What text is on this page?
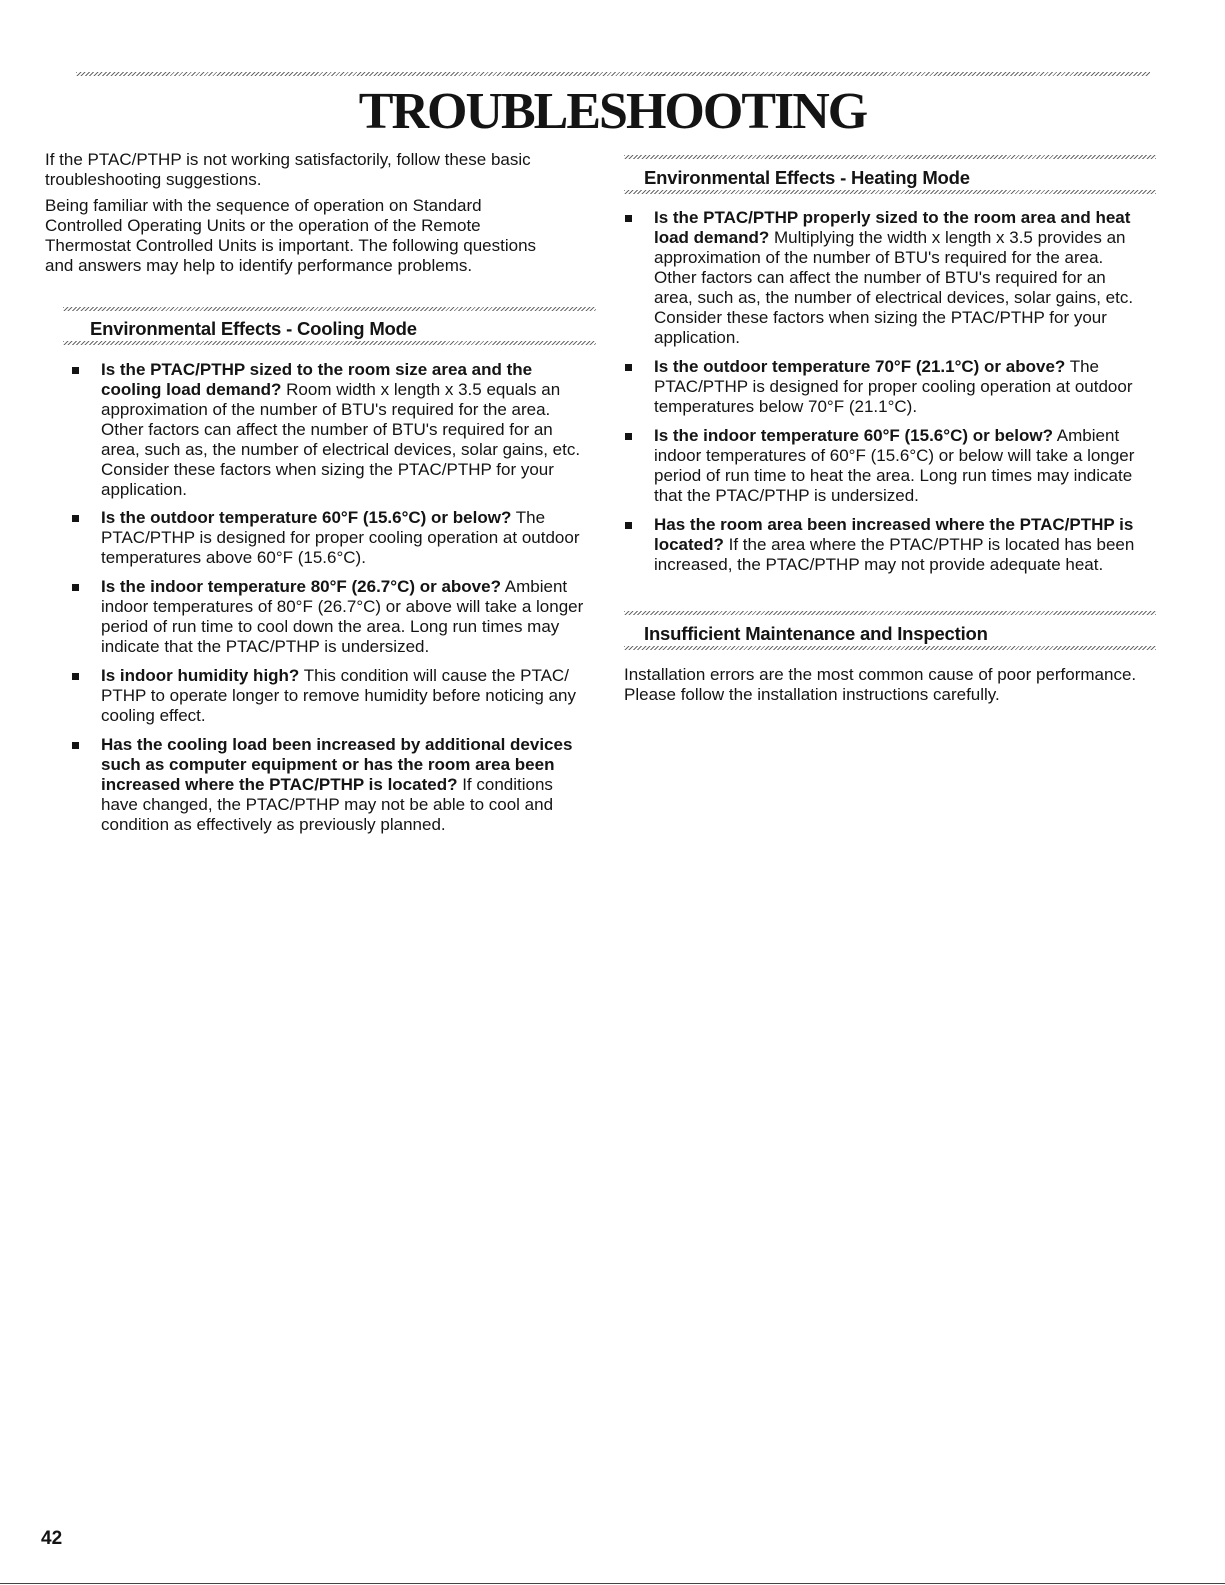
TROUBLESHOOTING

If the PTAC/PTHP is not working satisfactorily, follow these basic troubleshooting suggestions.

Being familiar with the sequence of operation on Standard Controlled Operating Units or the operation of the Remote Thermostat Controlled Units is important. The following questions and answers may help to identify performance problems.

Environmental Effects - Cooling Mode
Is the PTAC/PTHP sized to the room size area and the cooling load demand? Room width x length x 3.5 equals an approximation of the number of BTU's required for the area. Other factors can affect the number of BTU's required for an area, such as, the number of electrical devices, solar gains, etc. Consider these factors when sizing the PTAC/PTHP for your application.
Is the outdoor temperature 60°F (15.6°C) or below? The PTAC/PTHP is designed for proper cooling operation at outdoor temperatures above 60°F (15.6°C).
Is the indoor temperature 80°F (26.7°C) or above? Ambient indoor temperatures of 80°F (26.7°C) or above will take a longer period of run time to cool down the area. Long run times may indicate that the PTAC/PTHP is undersized.
Is indoor humidity high? This condition will cause the PTAC/ PTHP to operate longer to remove humidity before noticing any cooling effect.
Has the cooling load been increased by additional devices such as computer equipment or has the room area been increased where the PTAC/PTHP is located? If conditions have changed, the PTAC/PTHP may not be able to cool and condition as effectively as previously planned.
Environmental Effects - Heating Mode
Is the PTAC/PTHP properly sized to the room area and heat load demand? Multiplying the width x length x 3.5 provides an approximation of the number of BTU's required for the area. Other factors can affect the number of BTU's required for an area, such as, the number of electrical devices, solar gains, etc. Consider these factors when sizing the PTAC/PTHP for your application.
Is the outdoor temperature 70°F (21.1°C) or above? The PTAC/PTHP is designed for proper cooling operation at outdoor temperatures below 70°F (21.1°C).
Is the indoor temperature 60°F (15.6°C) or below? Ambient indoor temperatures of 60°F (15.6°C) or below will take a longer period of run time to heat the area. Long run times may indicate that the PTAC/PTHP is undersized.
Has the room area been increased where the PTAC/PTHP is located? If the area where the PTAC/PTHP is located has been increased, the PTAC/PTHP may not provide adequate heat.
Insufficient Maintenance and Inspection

Installation errors are the most common cause of poor performance. Please follow the installation instructions carefully.

42
